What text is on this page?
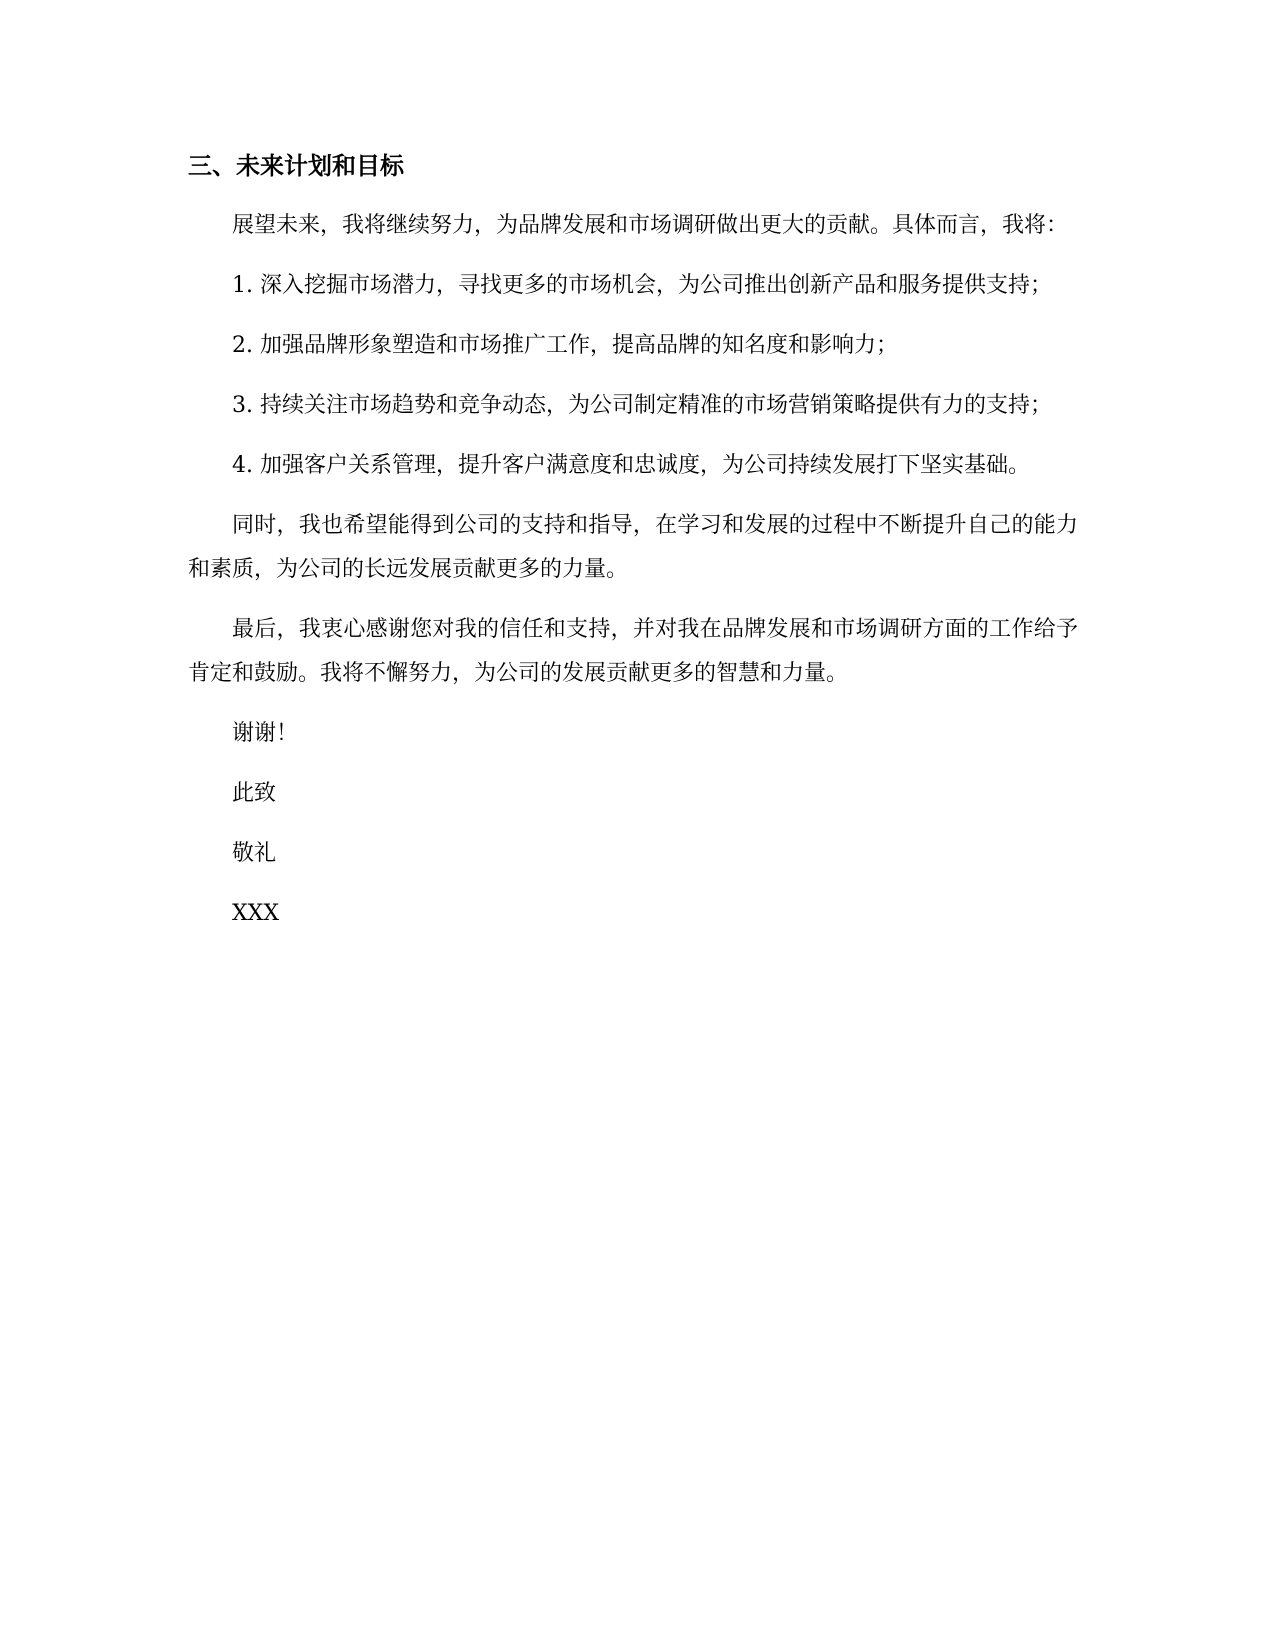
三、未来计划和目标

展望未来，我将继续努力，为品牌发展和市场调研做出更大的贡献。具体而言，我将：

1. 深入挖掘市场潜力，寻找更多的市场机会，为公司推出创新产品和服务提供支持；

2. 加强品牌形象塑造和市场推广工作，提高品牌的知名度和影响力；

3. 持续关注市场趋势和竞争动态，为公司制定精准的市场营销策略提供有力的支持；

4. 加强客户关系管理，提升客户满意度和忠诚度，为公司持续发展打下坚实基础。

同时，我也希望能得到公司的支持和指导，在学习和发展的过程中不断提升自己的能力和素质，为公司的长远发展贡献更多的力量。

最后，我衷心感谢您对我的信任和支持，并对我在品牌发展和市场调研方面的工作给予肯定和鼓励。我将不懈努力，为公司的发展贡献更多的智慧和力量。

谢谢！

此致

敬礼

XXX
